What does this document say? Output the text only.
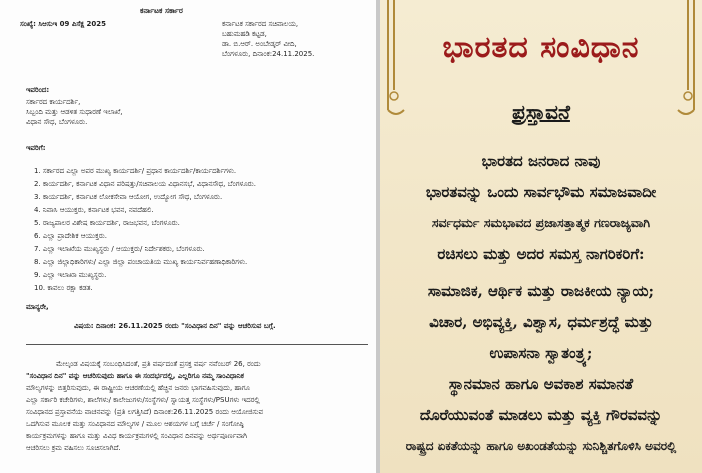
ಕರ್ನಾಟಕ ಸರ್ಕಾರ
ಸಂಖ್ಯೆ: ಸಿಆಸುಇ 09 ಪಿಸೆಕ್ಷ 2025	ಕರ್ನಾಟಕ ಸರ್ಕಾರದ ಸಚಿವಾಲಯ,
ಬಹುಮಹಡಿ ಕಟ್ಟಡ,
ಡಾ. ಬಿ.ಆರ್. ಅಂಬೇಡ್ಕರ್ ವೀದಿ,
ಬೆಂಗಳೂರು, ದಿನಾಂಕ:24.11.2025.
ಇವರಿಂದ:
ಸರ್ಕಾರದ ಕಾರ್ಯದರ್ಶಿ,
ಸಿಬ್ಬಂದಿ ಮತ್ತು ಆಡಳಿತ ಸುಧಾರಣೆ ಇಲಾಖೆ,
ವಿಧಾನ ಸೌಧ, ಬೆಂಗಳೂರು.
ಇವರಿಗೆ:
1. ಸರ್ಕಾರದ ಎಲ್ಲಾ ಅಪರ ಮುಖ್ಯ ಕಾರ್ಯದರ್ಶಿ/ ಪ್ರಧಾನ ಕಾರ್ಯದರ್ಶಿ/ಕಾರ್ಯದರ್ಶಿಗಳು.
2. ಕಾರ್ಯದರ್ಶಿ, ಕರ್ನಾಟಕ ವಿಧಾನ ಪರಿಷತ್ತು/ಸಚಿವಾಲಯ ವಿಧಾನಸಭೆ, ವಿಧಾನಸೌಧ, ಬೆಂಗಳೂರು.
3. ಕಾರ್ಯದರ್ಶಿ, ಕರ್ನಾಟಕ ಲೋಕಸೇವಾ ಆಯೋಗ, ಉದ್ಯೋಗ ಸೌಧ, ಬೆಂಗಳೂರು.
4. ನಿವಾಸಿ ಆಯುಕ್ತರು, ಕರ್ನಾಟಕ ಭವನ, ನವದೆಹಲಿ.
5. ರಾಜ್ಯಪಾಲರ ವಿಶೇಷ ಕಾರ್ಯದರ್ಶಿ, ರಾಜಭವನ, ಬೆಂಗಳೂರು.
6. ಎಲ್ಲಾ ಪ್ರಾದೇಶಿಕ ಆಯುಕ್ತರು.
7. ಎಲ್ಲಾ ಇಲಾಖೆಯ ಮುಖ್ಯಸ್ಥರು / ಆಯುಕ್ತರು/ ನಿರ್ದೇಶಕರು, ಬೆಂಗಳೂರು.
8. ಎಲ್ಲಾ ಜಿಲ್ಲಾಧಿಕಾರಿಗಳು/ ಎಲ್ಲಾ ಜಿಲ್ಲಾ ಪಂಚಾಯತಿಯ ಮುಖ್ಯ ಕಾರ್ಯನಿರ್ವಹಣಾಧಿಕಾರಿಗಳು.
9. ಎಲ್ಲಾ ಇಲಾಖಾ ಮುಖ್ಯಸ್ಥರು.
10. ಕಾವಲು ರಕ್ಷಾ ಕಡತ.
ಮಾನ್ಯರೇ,
ವಿಷಯ: ದಿನಾಂಕ: 26.11.2025 ರಂದು "ಸಂವಿಧಾನ ದಿನ" ವನ್ನು ಆಚರಿಸುವ ಬಗ್ಗೆ.
ಮೇಲ್ಕಂಡ ವಿಷಯಕ್ಕೆ ಸಂಬಂಧಿಸಿದಂತೆ, ಪ್ರತಿ ವರ್ಷದಂತೆ ಪ್ರಸಕ್ತ ವರ್ಷ ನವೆಂಬರ್ 26, ರಂದು
"ಸಂವಿಧಾನ ದಿನ" ವನ್ನು ಆಚರಿಸುವುದು ಹಾಗೂ ಈ ಸಂದರ್ಭದಲ್ಲಿ, ಎಲ್ಲರಿಗೂ ನಮ್ಮ ಸಾಂವಿಧಾನಿಕ
ಮೌಲ್ಯಗಳನ್ನು ಬಿತ್ತರಿಸುವುದು, ಈ ರಾಷ್ಟ್ರೀಯ ಆಚರಣೆಯಲ್ಲಿ ಹೆಚ್ಚಿನ ಜನರು ಭಾಗವಹಿಸುವುದು, ಹಾಗೂ
ಎಲ್ಲಾ ಸರ್ಕಾರಿ ಕಚೇರಿಗಳು, ಶಾಲೆಗಳು/ ಕಾಲೇಜುಗಳು/ಸಂಸ್ಥೆಗಳು/ ಸ್ವಾಯತ್ತ ಸಂಸ್ಥೆಗಳು/PSUಗಳು ಇದರಲ್ಲಿ
ಸಂವಿಧಾನದ ಪ್ರಸ್ತಾವನೆಯ ವಾಚನವನ್ನು (ಪ್ರತಿ ಲಗತ್ತಿಸಿದೆ) ದಿನಾಂಕ:26.11.2025 ರಂದು ಆಯೋಜಿಸುವ
ಒದಗಿಸುವ ಮೂಲಕ ಮತ್ತು ಸಂವಿಧಾನದ ಮೌಲ್ಯಗಳ / ಮೂಲ ಆಶಯಗಳ ಬಗ್ಗೆ ಚರ್ಚೆ / ಸಂಗೋಷ್ಠಿ
ಕಾರ್ಯಕ್ರಮಗಳನ್ನು ಹಾಗೂ ಮತ್ತು ವಿವಿಧ ಕಾರ್ಯಕ್ರಮಗಳಲ್ಲಿ ಸಂವಿಧಾನ ದಿನವನ್ನು ಅರ್ಥಪೂರ್ಣವಾಗಿ
ಆಚರಿಸಲು ಕ್ರಮ ವಹಿಸಲು ಸೂಚಿಸಲಾಗಿದೆ.
ಭಾರತದ ಸಂವಿಧಾನ
ಪ್ರಸ್ತಾವನೆ
ಭಾರತದ ಜನರಾದ ನಾವು
ಭಾರತವನ್ನು ಒಂದು ಸಾರ್ವಭೌಮ ಸಮಾಜವಾದೀ
ಸರ್ವಧರ್ಮ ಸಮಭಾವದ ಪ್ರಜಾಸತ್ತಾತ್ಮಕ ಗಣರಾಜ್ಯವಾಗಿ
ರಚಿಸಲು ಮತ್ತು ಅದರ ಸಮಸ್ತ ನಾಗರಿಕರಿಗೆ:
ಸಾಮಾಜಿಕ, ಆರ್ಥಿಕ ಮತ್ತು ರಾಜಕೀಯ ನ್ಯಾಯ;
ವಿಚಾರ, ಅಭಿವ್ಯಕ್ತಿ, ವಿಶ್ವಾಸ, ಧರ್ಮಶ್ರದ್ಧೆ ಮತ್ತು
ಉಪಾಸನಾ ಸ್ವಾತಂತ್ರ್ಯ;
ಸ್ಥಾನಮಾನ ಹಾಗೂ ಅವಕಾಶ ಸಮಾನತೆ
ದೊರೆಯುವಂತೆ ಮಾಡಲು ಮತ್ತು ವ್ಯಕ್ತಿ ಗೌರವವನ್ನು
ರಾಷ್ಟ್ರದ ಏಕತೆಯನ್ನು ಹಾಗೂ ಅಖಂಡತೆಯನ್ನು ಸುನಿಶ್ಚಿತಗೊಳಿಸಿ ಅವರಲ್ಲಿ
